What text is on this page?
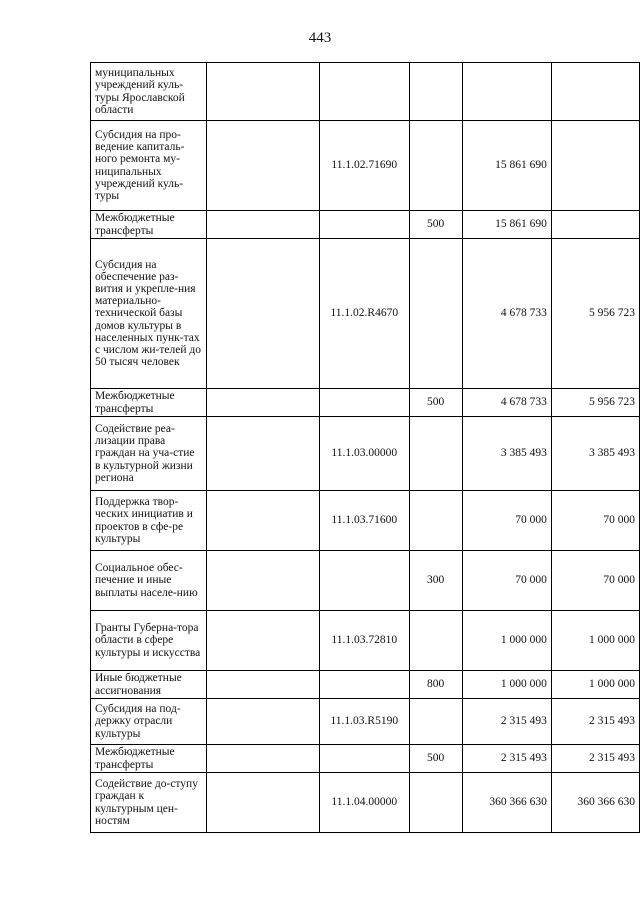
443
муниципальных учреждений куль-туры Ярославской области					
Субсидия на про-ведение капиталь-ного ремонта му-ниципальных учреждений куль-туры		11.1.02.71690		15 861 690	
Межбюджетные трансферты			500	15 861 690	
Субсидия на обеспечение раз-вития и укрепле-ния материально-технической базы домов культуры в населенных пунк-тах с числом жи-телей до 50 тысяч человек		11.1.02.R4670		4 678 733	5 956 723
Межбюджетные трансферты			500	4 678 733	5 956 723
Содействие реа-лизации права граждан на уча-стие в культурной жизни региона		11.1.03.00000		3 385 493	3 385 493
Поддержка твор-ческих инициатив и проектов в сфе-ре культуры		11.1.03.71600		70 000	70 000
Социальное обес-печение и иные выплаты населе-нию			300	70 000	70 000
Гранты Губерна-тора области в сфере культуры и искусства		11.1.03.72810		1 000 000	1 000 000
Иные бюджетные ассигнования			800	1 000 000	1 000 000
Субсидия на под-держку отрасли культуры		11.1.03.R5190		2 315 493	2 315 493
Межбюджетные трансферты			500	2 315 493	2 315 493
Содействие до-ступу граждан к культурным цен-ностям		11.1.04.00000		360 366 630	360 366 630
